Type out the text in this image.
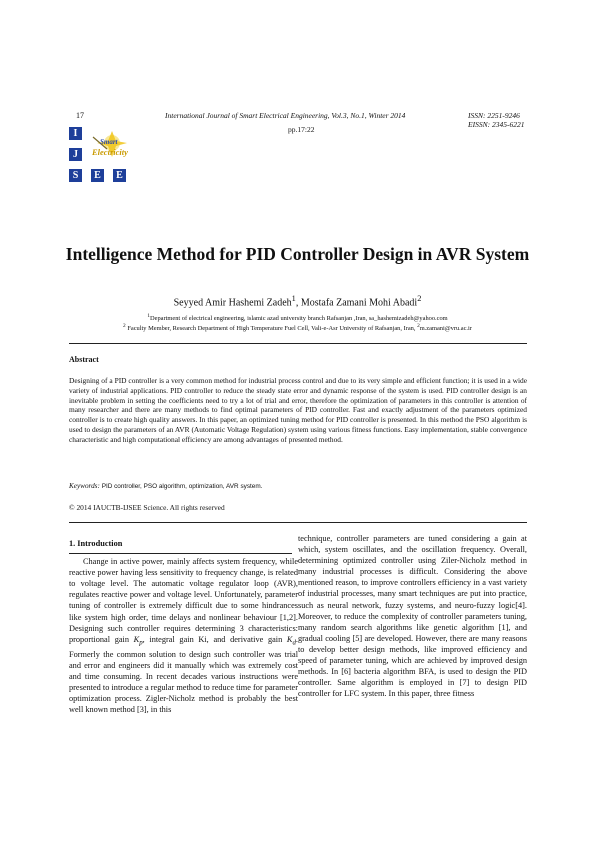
17	International Journal of Smart Electrical Engineering, Vol.3, No.1, Winter 2014	ISSN: 2251-9246
EISSN: 2345-6221
pp.17:22
I
J
S	E	E
Smart
Electricity
Intelligence Method for PID Controller Design in AVR System
Seyyed Amir Hashemi Zadeh$^1$, Mostafa Zamani Mohi Abadi$^2$
$^1$Department of electrical engineering, islamic azad university branch Rafsanjan ,Iran, sa_hashemizadeh@yahoo.com
$^2$ Faculty Member, Research Department of High Temperature Fuel Cell, Vali-e-Asr University of Rafsanjan, Iran, $^2$m.zamani@vru.ac.ir
Abstract
Designing of a PID controller is a very common method for industrial process control and due to its very simple and efficient function; it is used in a wide variety of industrial applications. PID controller to reduce the steady state error and dynamic response of the system is used. PID controller design is an inevitable problem in setting the coefficients need to try a lot of trial and error, therefore the optimization of parameters in this controller is attention of many researcher and there are many methods to find optimal parameters of PID controller. Fast and exactly adjustment of the parameters optimized controller is to create high quality answers. In this paper, an optimized tuning method for PID controller is presented. In this method the PSO algorithm is used to design the parameters of an AVR (Automatic Voltage Regulation) system using various fitness functions. Easy implementation, stable convergence characteristic and high computational efficiency are among advantages of presented method.
Keywords: PID controller, PSO algorithm, optimization, AVR system.
© 2014 IAUCTB-IJSEE Science. All rights reserved
1. Introduction

Change in active power, mainly affects system frequency, while reactive power having less sensitivity to frequency change, is related to voltage level. The automatic voltage regulator loop (AVR), regulates reactive power and voltage level. Unfortunately, parameter tuning of controller is extremely difficult due to some hindrances like system high order, time delays and nonlinear behaviour [1,2]. Designing such controller requires determining 3 characteristics: proportional gain $K_p$, integral gain Ki, and derivative gain $K_d$. Formerly the common solution to design such controller was trial and error and engineers did it manually which was extremely cost and time consuming. In recent decades various instructions were presented to introduce a regular method to reduce time for parameter optimization process. Zigler-Nicholz method is probably the best well known method [3], in this

technique, controller parameters are tuned considering a gain at which, system oscillates, and the oscillation frequency. Overall, determining optimized controller using Ziler-Nicholz method in many industrial processes is difficult. Considering the above mentioned reason, to improve controllers efficiency in a vast variety of industrial processes, many smart techniques are put into practice, such as neural network, fuzzy systems, and neuro-fuzzy logic[4]. Moreover, to reduce the complexity of controller parameters tuning, many random search algorithms like genetic algorithm [1], and gradual cooling [5] are developed. However, there are many reasons to develop better design methods, like improved efficiency and speed of parameter tuning, which are achieved by improved design methods. In [6] bacteria algorithm BFA, is used to design the PID controller. Same algorithm is employed in [7] to design PID controller for LFC system. In this paper, three fitness
